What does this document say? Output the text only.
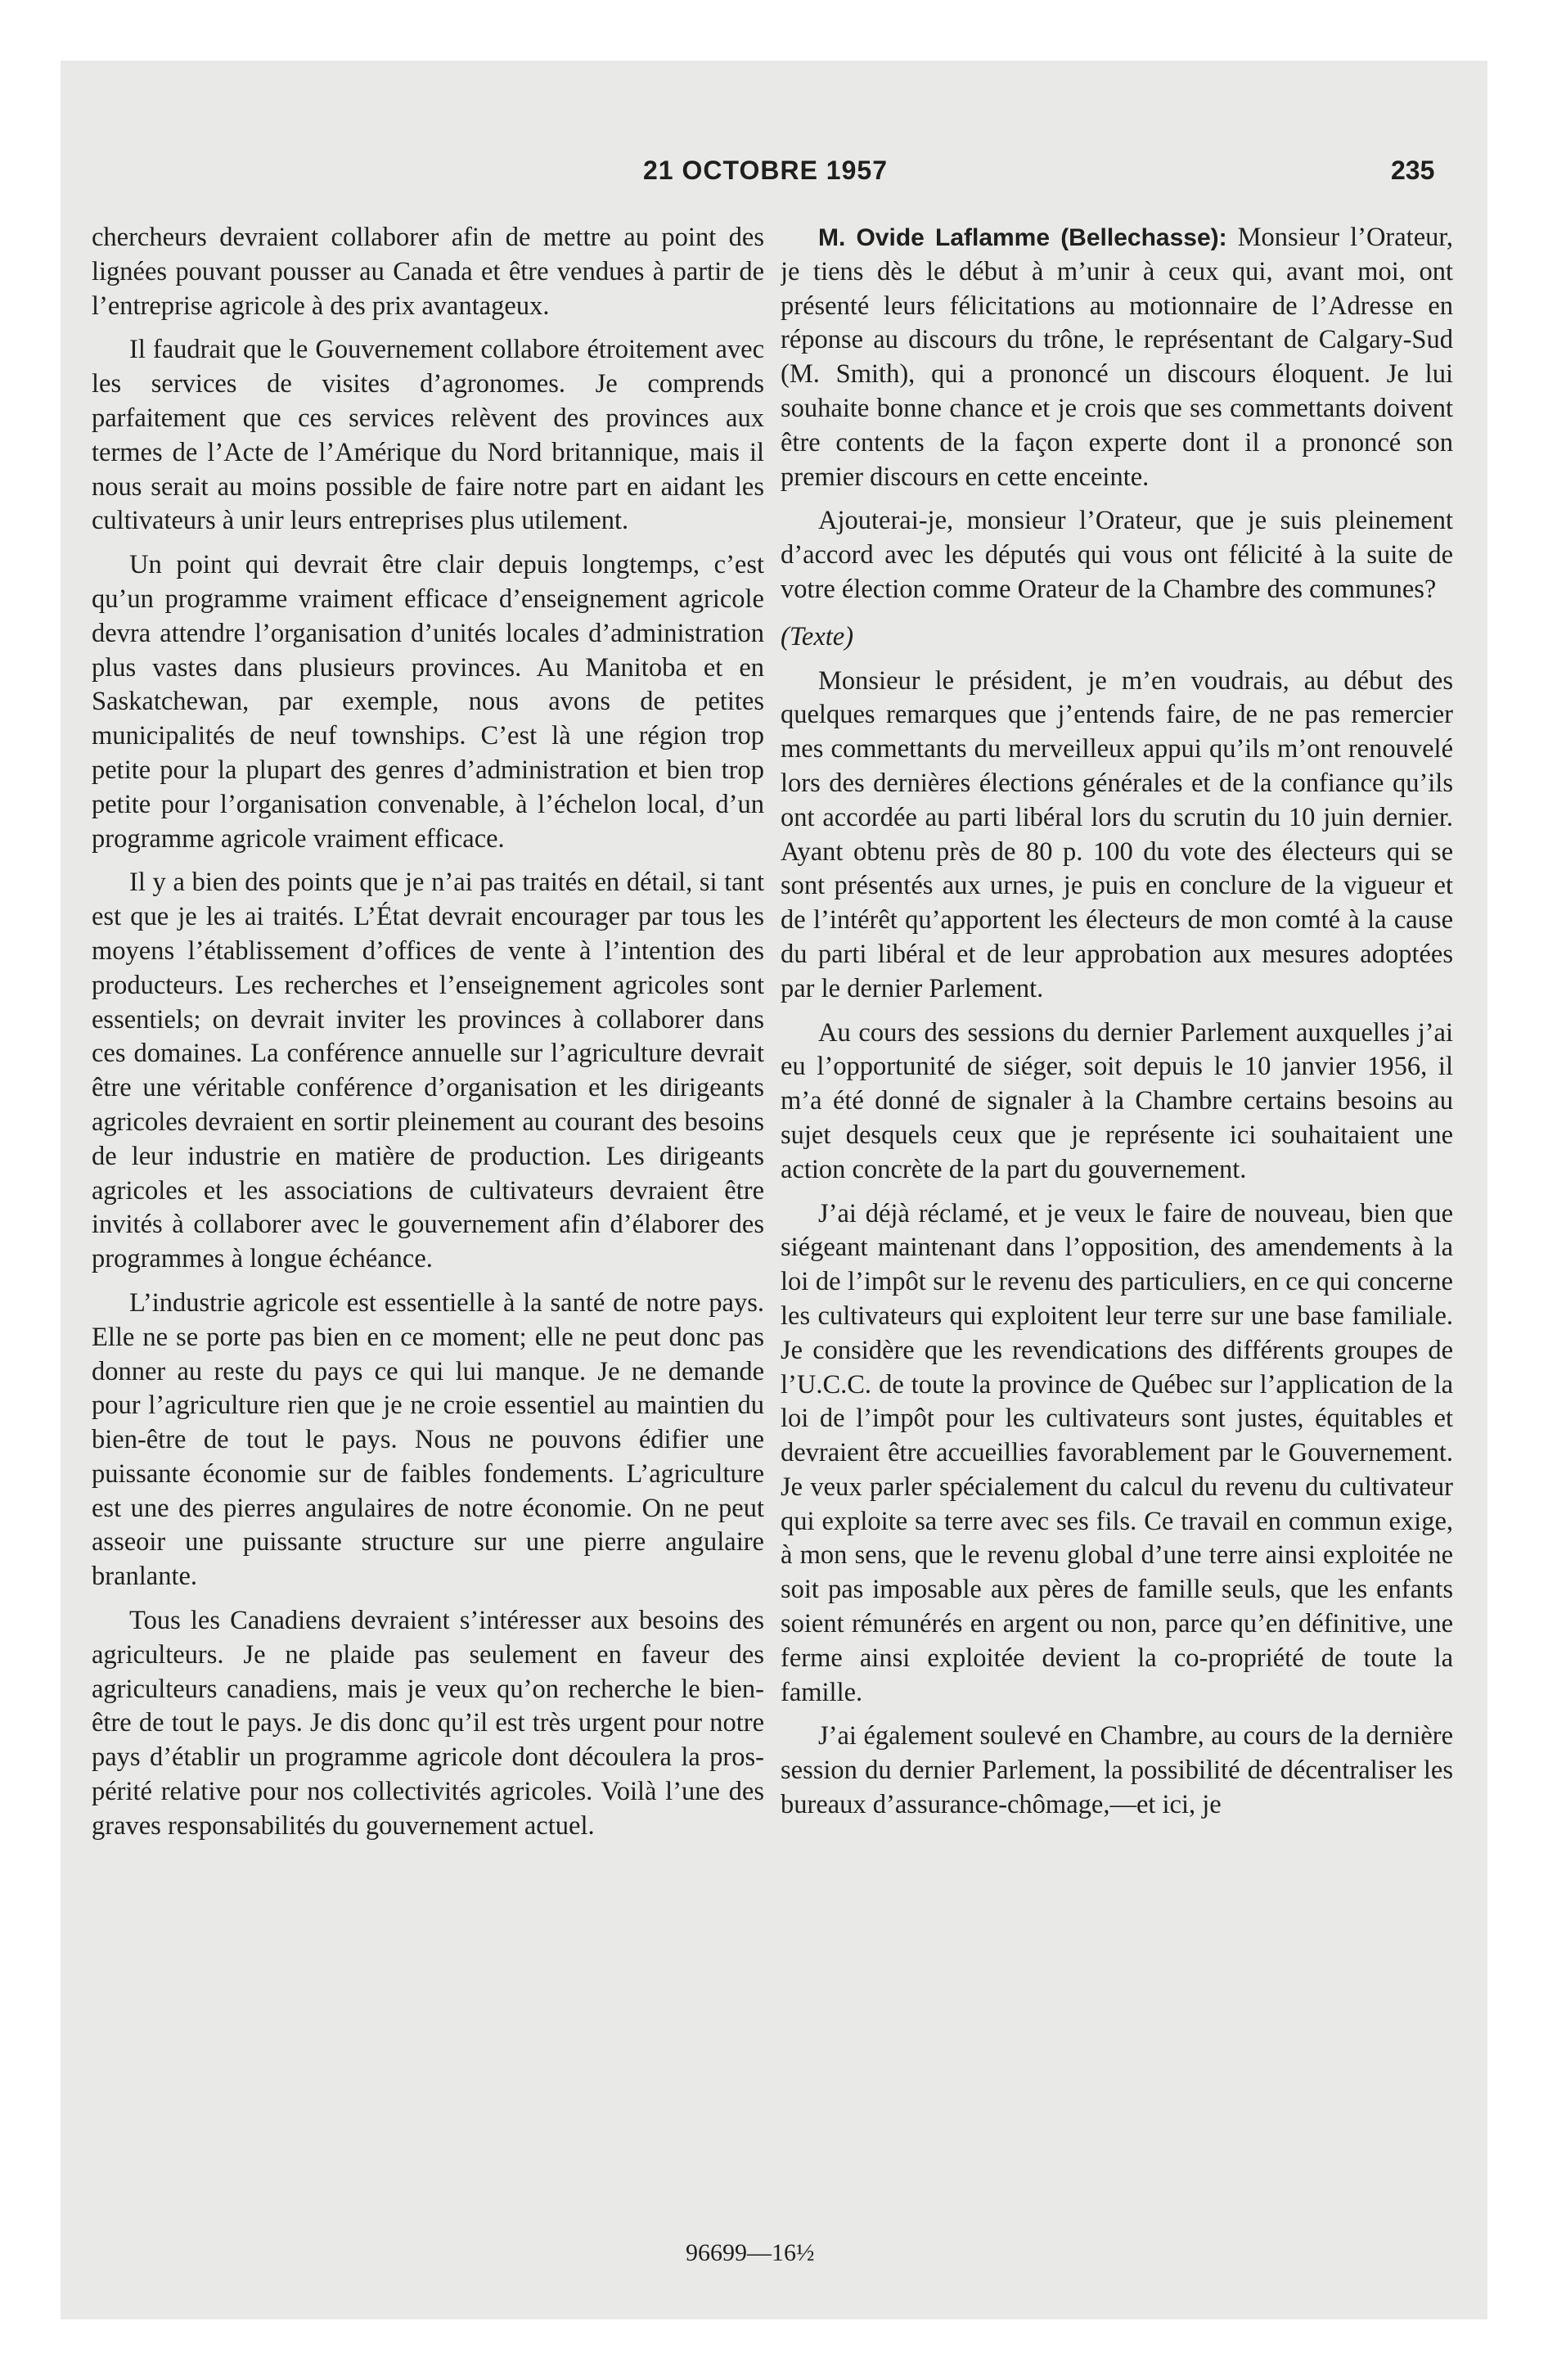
21 OCTOBRE 1957	235

chercheurs devraient collaborer afin de mettre au point des lignées pouvant pousser au Canada et être vendues à partir de l’entreprise agricole à des prix avantageux.

Il faudrait que le Gouvernement collabore étroitement avec les services de visites d’agronomes. Je comprends parfaitement que ces services relèvent des provinces aux termes de l’Acte de l’Amérique du Nord britannique, mais il nous serait au moins possible de faire notre part en aidant les cultivateurs à unir leurs entreprises plus utilement.

Un point qui devrait être clair depuis longtemps, c’est qu’un programme vraiment efficace d’enseignement agricole devra attendre l’organisation d’unités locales d’administration plus vastes dans plusieurs provinces. Au Manitoba et en Saskatchewan, par exemple, nous avons de petites municipalités de neuf townships. C’est là une région trop petite pour la plupart des genres d’administration et bien trop petite pour l’organisation convenable, à l’échelon local, d’un programme agricole vraiment efficace.

Il y a bien des points que je n’ai pas traités en détail, si tant est que je les ai traités. L’État devrait encourager par tous les moyens l’établissement d’offices de vente à l’intention des producteurs. Les recherches et l’enseignement agricoles sont essentiels; on devrait inviter les provinces à collaborer dans ces domaines. La conférence annuelle sur l’agriculture devrait être une véritable conférence d’organisation et les dirigeants agricoles devraient en sortir pleinement au courant des besoins de leur industrie en matière de production. Les dirigeants agricoles et les associations de cultivateurs devraient être invités à collaborer avec le gouvernement afin d’élaborer des programmes à longue échéance.

L’industrie agricole est essentielle à la santé de notre pays. Elle ne se porte pas bien en ce moment; elle ne peut donc pas donner au reste du pays ce qui lui manque. Je ne demande pour l’agriculture rien que je ne croie essentiel au maintien du bien-être de tout le pays. Nous ne pouvons édifier une puissante économie sur de faibles fondements. L’agriculture est une des pierres angulaires de notre économie. On ne peut asseoir une puissante structure sur une pierre angulaire branlante.

Tous les Canadiens devraient s’intéresser aux besoins des agriculteurs. Je ne plaide pas seulement en faveur des agriculteurs canadiens, mais je veux qu’on recherche le bien-être de tout le pays. Je dis donc qu’il est très urgent pour notre pays d’établir un programme agricole dont découlera la prospérité relative pour nos collectivités agricoles. Voilà l’une des graves responsabilités du gouvernement actuel.

M. Ovide Laflamme (Bellechasse): Monsieur l’Orateur, je tiens dès le début à m’unir à ceux qui, avant moi, ont présenté leurs félicitations au motionnaire de l’Adresse en réponse au discours du trône, le représentant de Calgary-Sud (M. Smith), qui a prononcé un discours éloquent. Je lui souhaite bonne chance et je crois que ses commettants doivent être contents de la façon experte dont il a prononcé son premier discours en cette enceinte.

Ajouterai-je, monsieur l’Orateur, que je suis pleinement d’accord avec les députés qui vous ont félicité à la suite de votre élection comme Orateur de la Chambre des communes?

(Texte)

Monsieur le président, je m’en voudrais, au début des quelques remarques que j’entends faire, de ne pas remercier mes commettants du merveilleux appui qu’ils m’ont renouvelé lors des dernières élections générales et de la confiance qu’ils ont accordée au parti libéral lors du scrutin du 10 juin dernier. Ayant obtenu près de 80 p. 100 du vote des électeurs qui se sont présentés aux urnes, je puis en conclure de la vigueur et de l’intérêt qu’apportent les électeurs de mon comté à la cause du parti libéral et de leur approbation aux mesures adoptées par le dernier Parlement.

Au cours des sessions du dernier Parlement auxquelles j’ai eu l’opportunité de siéger, soit depuis le 10 janvier 1956, il m’a été donné de signaler à la Chambre certains besoins au sujet desquels ceux que je représente ici souhaitaient une action concrète de la part du gouvernement.

J’ai déjà réclamé, et je veux le faire de nouveau, bien que siégeant maintenant dans l’opposition, des amendements à la loi de l’impôt sur le revenu des particuliers, en ce qui concerne les cultivateurs qui exploitent leur terre sur une base familiale. Je considère que les revendications des différents groupes de l’U.C.C. de toute la province de Québec sur l’application de la loi de l’impôt pour les cultivateurs sont justes, équitables et devraient être accueillies favorablement par le Gouvernement. Je veux parler spécialement du calcul du revenu du cultivateur qui exploite sa terre avec ses fils. Ce travail en commun exige, à mon sens, que le revenu global d’une terre ainsi exploitée ne soit pas imposable aux pères de famille seuls, que les enfants soient rémunérés en argent ou non, parce qu’en définitive, une ferme ainsi exploitée devient la co-propriété de toute la famille.

J’ai également soulevé en Chambre, au cours de la dernière session du dernier Parlement, la possibilité de décentraliser les bureaux d’assurance-chômage,—et ici, je

96699—16½
